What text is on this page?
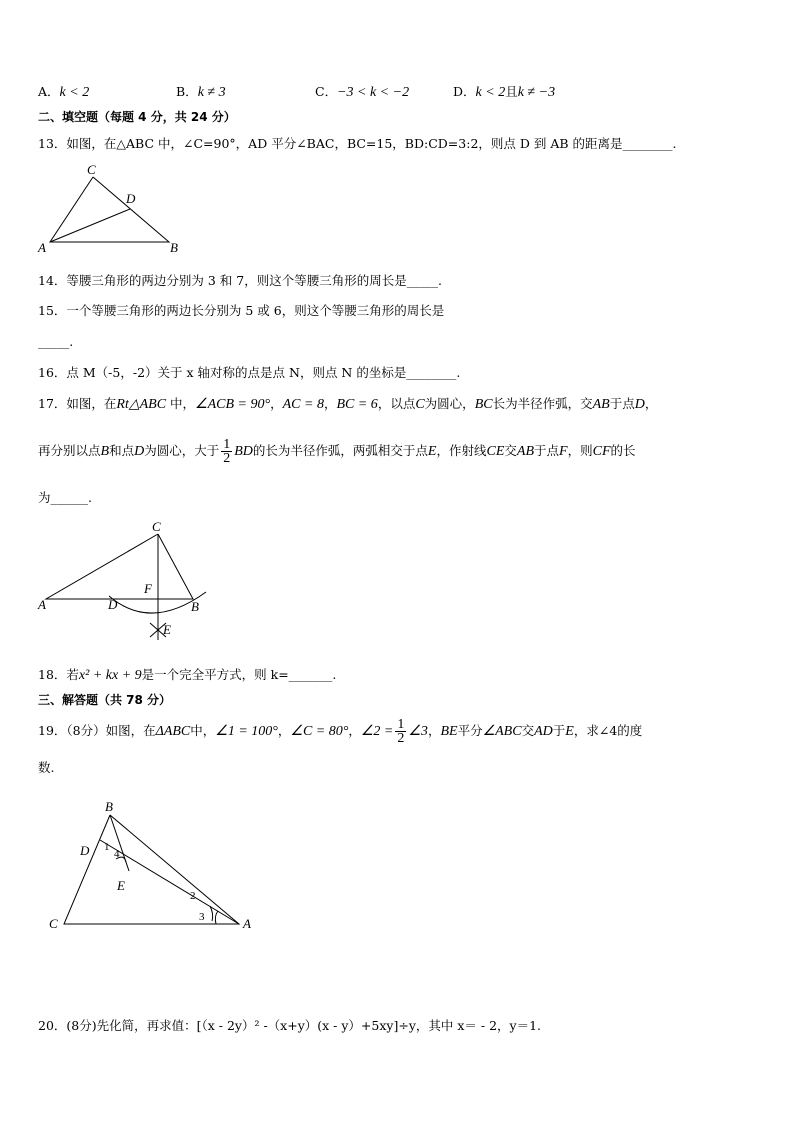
A．k < 2	B．k ≠ 3	C．−3 < k < −2	D．k < 2且k ≠ −3
二、填空题（每题 4 分，共 24 分）
13．如图，在△ABC 中，∠C=90°，AD 平分∠BAC，BC=15，BD:CD=3:2，则点 D 到 AB 的距离是________.
C
D
A	B
14．等腰三角形的两边分别为 3 和 7，则这个等腰三角形的周长是_____.
15．一个等腰三角形的两边长分别为 5 或 6，则这个等腰三角形的周长是
_____.
16．点 M（-5，-2）关于 x 轴对称的点是点 N，则点 N 的坐标是________.
17．如图，在Rt△ABC 中，∠ACB = 90°，AC = 8，BC = 6，以点C为圆心，BC长为半径作弧，交AB于点D，
再分别以点B和点D为圆心，大于 $\frac{1}{2}$ BD的长为半径作弧，两弧相交于点E，作射线CE交AB于点F，则CF的长
为______.
C
F
A	D	B
E
18．若x² + kx + 9是一个完全平方式，则 k=_______.
三、解答题（共 78 分）
19．（8分）如图，在ΔABC中，∠1 = 100°，∠C = 80°，∠2 = $\frac{1}{2}$ ∠3，BE平分∠ABC交AD于E，求∠4的度
数.
B
D
E
C	A
1
4
2
3
20．(8分)先化简，再求值：[（x - 2y）² -（x+y）(x - y）+5xy]÷y，其中 x＝ - 2，y＝1.
